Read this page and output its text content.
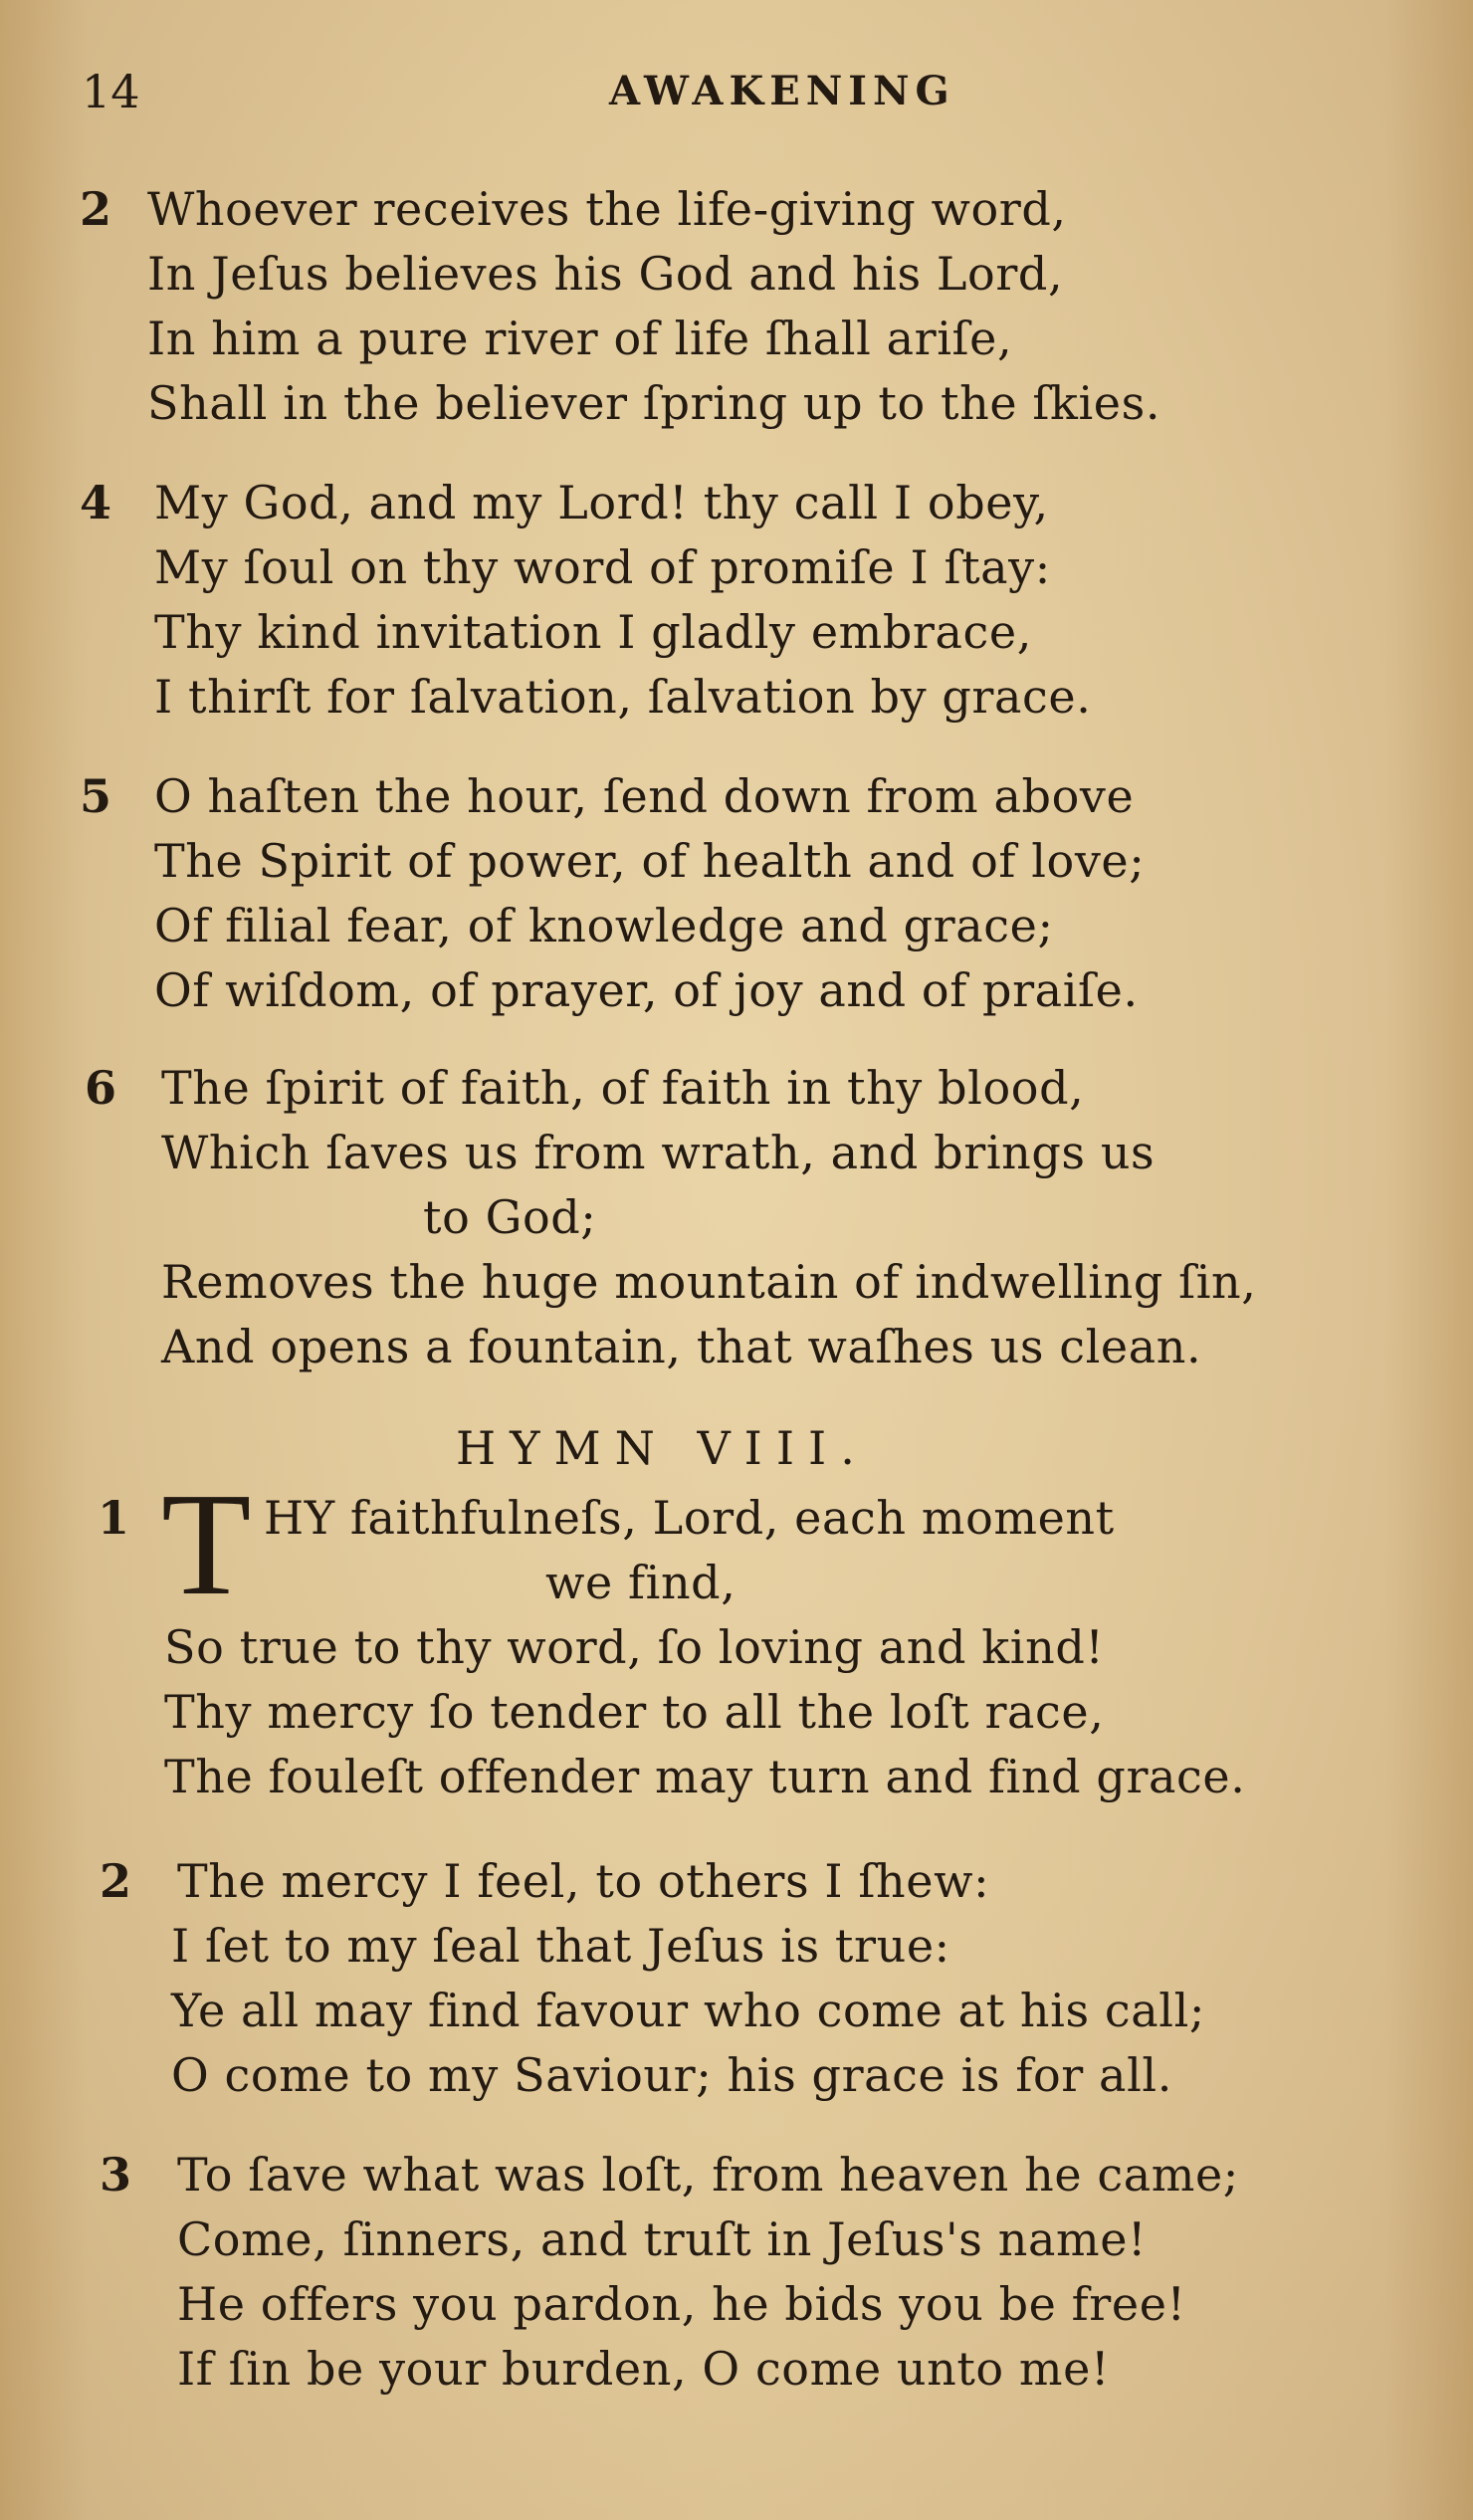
14	AWAKENING
2 Whoever receives the life-giving word,
In Jeſus believes his God and his Lord,
In him a pure river of life ſhall ariſe,
Shall in the believer ſpring up to the ſkies.
4 My God, and my Lord! thy call I obey,
My ſoul on thy word of promiſe I ſtay:
Thy kind invitation I gladly embrace,
I thirſt for ſalvation, ſalvation by grace.
5 O haſten the hour, ſend down from above
The Spirit of power, of health and of love;
Of filial fear, of knowledge and grace;
Of wiſdom, of prayer, of joy and of praiſe.
6 The ſpirit of faith, of faith in thy blood,
Which ſaves us from wrath, and brings us
to God;
Removes the huge mountain of indwelling ſin,
And opens a fountain, that waſhes us clean.
HYMN VIII.
1 T HY faithfulneſs, Lord, each moment
we find,
So true to thy word, ſo loving and kind!
Thy mercy ſo tender to all the loſt race,
The fouleſt offender may turn and find grace.
2 The mercy I feel, to others I ſhew:
I ſet to my ſeal that Jeſus is true:
Ye all may find favour who come at his call;
O come to my Saviour; his grace is for all.
3 To ſave what was loſt, from heaven he came;
Come, ſinners, and truſt in Jeſus's name!
He offers you pardon, he bids you be free!
If ſin be your burden, O come unto me!
